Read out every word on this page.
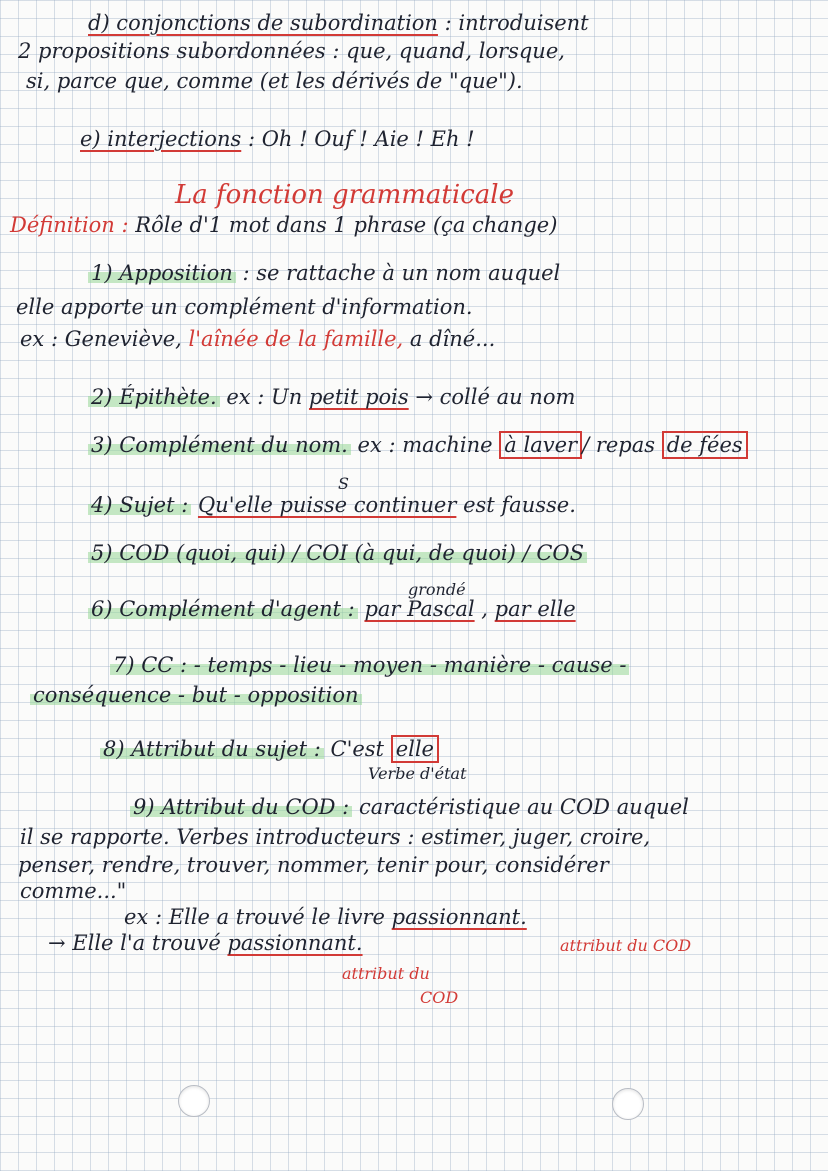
d) conjonctions de subordination : introduisent
2 propositions subordonnées : que, quand, lorsque,
si, parce que, comme (et les dérivés de "que").
e) interjections : Oh ! Ouf ! Aie ! Eh !
La fonction grammaticale
Définition : Rôle d'1 mot dans 1 phrase (ça change)
1) Apposition : se rattache à un nom auquel
elle apporte un complément d'information.
ex : Geneviève, l'aînée de la famille, a dîné...
2) Épithète. ex : Un petit pois → collé au nom
3) Complément du nom. ex : machine à laver / repas de fées
S
4) Sujet : Qu'elle puisse continuer est fausse.
5) COD (quoi, qui) / COI (à qui, de quoi) / COS
grondé
6) Complément d'agent : par Pascal , par elle
7) CC : - temps - lieu - moyen - manière - cause -
conséquence - but - opposition
8) Attribut du sujet : C'est elle
Verbe d'état
9) Attribut du COD : caractéristique au COD auquel
il se rapporte. Verbes introducteurs : estimer, juger, croire,
penser, rendre, trouver, nommer, tenir pour, considérer
comme..."
ex : Elle a trouvé le livre passionnant.
attribut du COD
→ Elle l'a trouvé passionnant.
attribut du
COD
